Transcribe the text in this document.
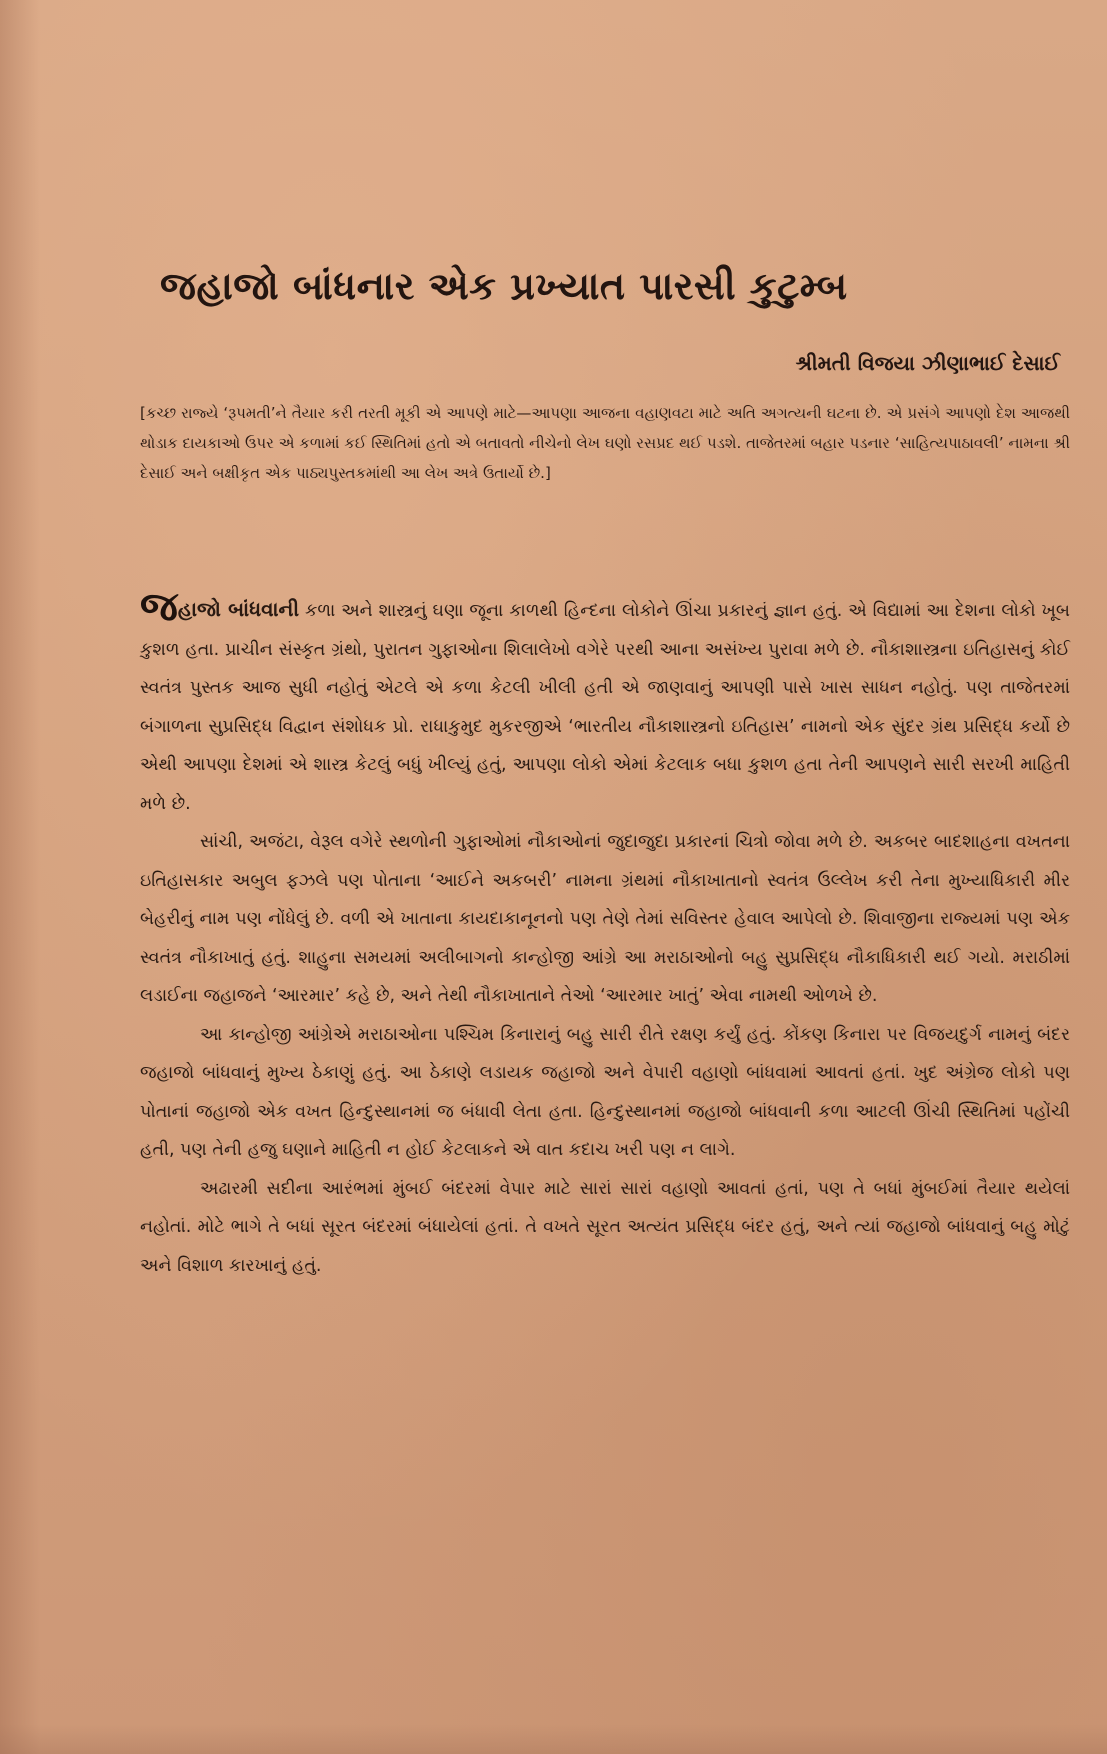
જહાજો બાંધનાર એક પ્રખ્યાત પારસી કુટુમ્બ
શ્રીમતી વિજયા ઝીણાભાઈ દેસાઈ
[કચ્છ રાજ્યે ‘રૂપમતી’ને તૈયાર કરી તરતી મૂકી એ આપણે માટે—આપણા આજના વહાણવટા માટે અતિ અગત્યની ઘટના છે. એ પ્રસંગે આપણો દેશ આજથી થોડાક દાયકાઓ ઉપર એ કળામાં કઈ સ્થિતિમાં હતો એ બતાવતો નીચેનો લેખ ઘણો રસપ્રદ થઈ પડશે. તાજેતરમાં બહાર પડનાર ‘સાહિત્યપાઠાવલી’ નામના શ્રી દેસાઈ અને બક્ષીકૃત એક પાઠ્યપુસ્તકમાંથી આ લેખ અત્રે ઉતાર્યો છે.]

જહાજો બાંધવાની કળા અને શાસ્ત્રનું ઘણા જૂના કાળથી હિન્દના લોકોને ઊંચા પ્રકારનું જ્ઞાન હતું. એ વિદ્યામાં આ દેશના લોકો ખૂબ કુશળ હતા. પ્રાચીન સંસ્કૃત ગ્રંથો, પુરાતન ગુફાઓના શિલાલેખો વગેરે પરથી આના અસંખ્ય પુરાવા મળે છે. નૌકાશાસ્ત્રના ઇતિહાસનું કોઈ સ્વતંત્ર પુસ્તક આજ સુધી નહોતું એટલે એ કળા કેટલી ખીલી હતી એ જાણવાનું આપણી પાસે ખાસ સાધન નહોતું. પણ તાજેતરમાં બંગાળના સુપ્રસિદ્ધ વિદ્વાન સંશોધક પ્રો. રાધાકુમુદ મુકરજીએ ‘ભારતીય નૌકાશાસ્ત્રનો ઇતિહાસ’ નામનો એક સુંદર ગ્રંથ પ્રસિદ્ધ કર્યો છે એથી આપણા દેશમાં એ શાસ્ત્ર કેટલું બધું ખીલ્યું હતું, આપણા લોકો એમાં કેટલાક બધા કુશળ હતા તેની આપણને સારી સરખી માહિતી મળે છે.

સાંચી, અજંટા, વેરૂલ વગેરે સ્થળોની ગુફાઓમાં નૌકાઓનાં જુદાજુદા પ્રકારનાં ચિત્રો જોવા મળે છે. અકબર બાદશાહના વખતના ઇતિહાસકાર અબુલ ફઝલે પણ પોતાના ‘આઈને અકબરી’ નામના ગ્રંથમાં નૌકાખાતાનો સ્વતંત્ર ઉલ્લેખ કરી તેના મુખ્યાધિકારી મીર બેહરીનું નામ પણ નોંધેલું છે. વળી એ ખાતાના કાયદાકાનૂનનો પણ તેણે તેમાં સવિસ્તર હેવાલ આપેલો છે. શિવાજીના રાજ્યમાં પણ એક સ્વતંત્ર નૌકાખાતું હતું. શાહુના સમયમાં અલીબાગનો કાન્હોજી આંગ્રે આ મરાઠાઓનો બહુ સુપ્રસિદ્ધ નૌકાધિકારી થઈ ગયો. મરાઠીમાં લડાઈના જહાજને ‘આરમાર’ કહે છે, અને તેથી નૌકાખાતાને તેઓ ‘આરમાર ખાતું’ એવા નામથી ઓળખે છે.

આ કાન્હોજી આંગ્રેએ મરાઠાઓના પશ્ચિમ કિનારાનું બહુ સારી રીતે રક્ષણ કર્યું હતું. કોંકણ કિનારા પર વિજયદુર્ગ નામનું બંદર જહાજો બાંધવાનું મુખ્ય ઠેકાણું હતું. આ ઠેકાણે લડાયક જહાજો અને વેપારી વહાણો બાંધવામાં આવતાં હતાં. ખુદ અંગ્રેજ લોકો પણ પોતાનાં જહાજો એક વખત હિન્દુસ્થાનમાં જ બંધાવી લેતા હતા. હિન્દુસ્થાનમાં જહાજો બાંધવાની કળા આટલી ઊંચી સ્થિતિમાં પહોંચી હતી, પણ તેની હજુ ઘણાને માહિતી ન હોઈ કેટલાકને એ વાત કદાચ ખરી પણ ન લાગે.

અઢારમી સદીના આરંભમાં મુંબઈ બંદરમાં વેપાર માટે સારાં સારાં વહાણો આવતાં હતાં, પણ તે બધાં મુંબઈમાં તૈયાર થયેલાં નહોતાં. મોટે ભાગે તે બધાં સૂરત બંદરમાં બંધાયેલાં હતાં. તે વખતે સૂરત અત્યંત પ્રસિદ્ધ બંદર હતું, અને ત્યાં જહાજો બાંધવાનું બહુ મોટું અને વિશાળ કારખાનું હતું.
